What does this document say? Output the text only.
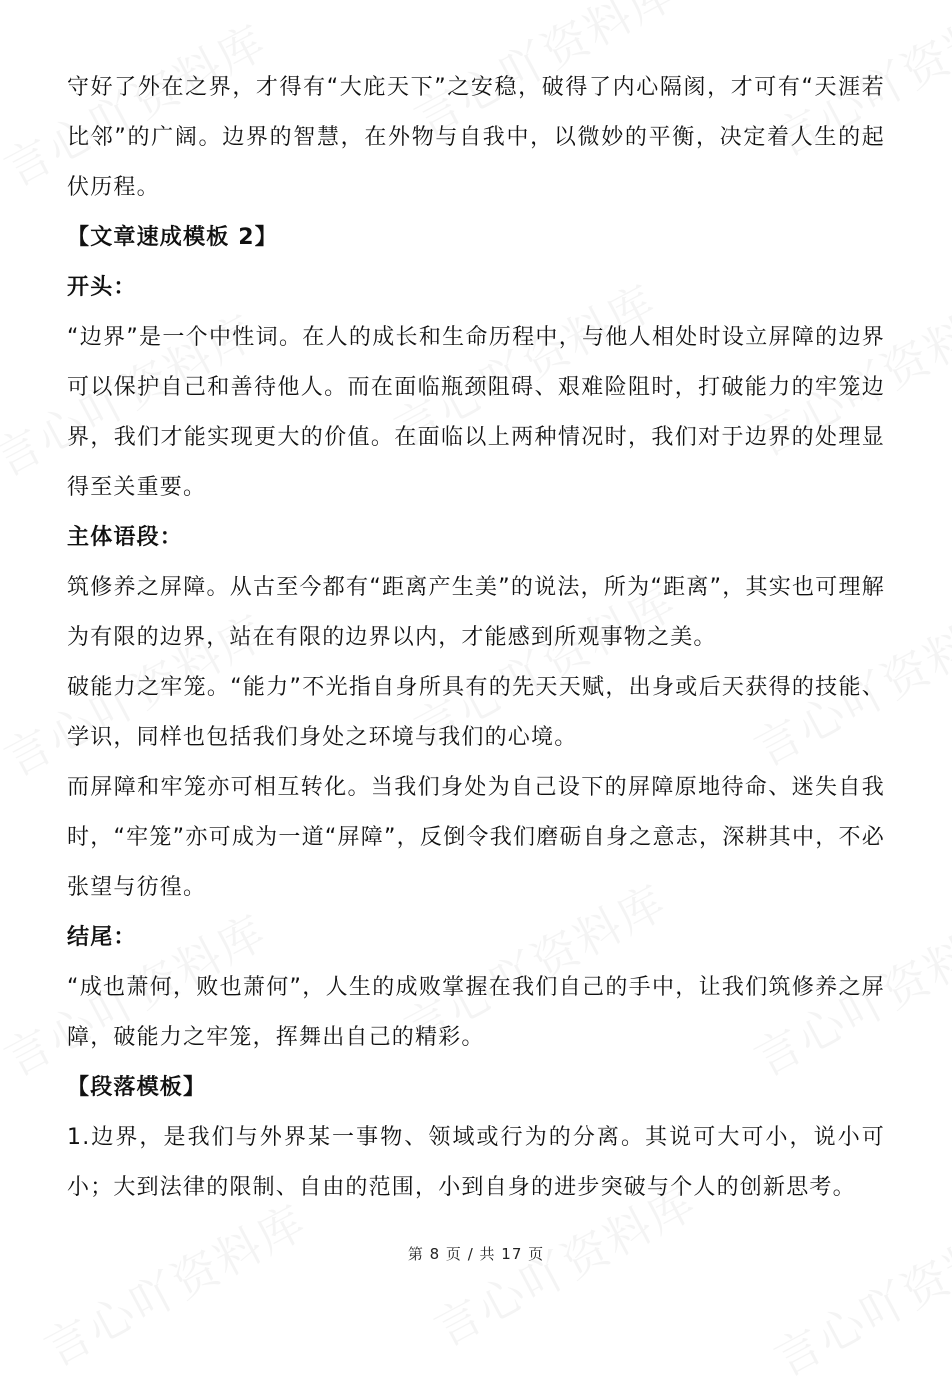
守好了外在之界，才得有“大庇天下”之安稳，破得了内心隔阂，才可有“天涯若比邻”的广阔。边界的智慧，在外物与自我中，以微妙的平衡，决定着人生的起伏历程。

【文章速成模板 2】

开头：

“边界”是一个中性词。在人的成长和生命历程中，与他人相处时设立屏障的边界可以保护自己和善待他人。而在面临瓶颈阻碍、艰难险阻时，打破能力的牢笼边界，我们才能实现更大的价值。在面临以上两种情况时，我们对于边界的处理显得至关重要。

主体语段：

筑修养之屏障。从古至今都有“距离产生美”的说法，所为“距离”，其实也可理解为有限的边界，站在有限的边界以内，才能感到所观事物之美。

破能力之牢笼。“能力”不光指自身所具有的先天天赋，出身或后天获得的技能、学识，同样也包括我们身处之环境与我们的心境。

而屏障和牢笼亦可相互转化。当我们身处为自己设下的屏障原地待命、迷失自我时，“牢笼”亦可成为一道“屏障”，反倒令我们磨砺自身之意志，深耕其中，不必张望与彷徨。

结尾：

“成也萧何，败也萧何”，人生的成败掌握在我们自己的手中，让我们筑修养之屏障，破能力之牢笼，挥舞出自己的精彩。

【段落模板】

1.边界，是我们与外界某一事物、领域或行为的分离。其说可大可小，说小可小；大到法律的限制、自由的范围，小到自身的进步突破与个人的创新思考。

第 8 页 / 共 17 页
